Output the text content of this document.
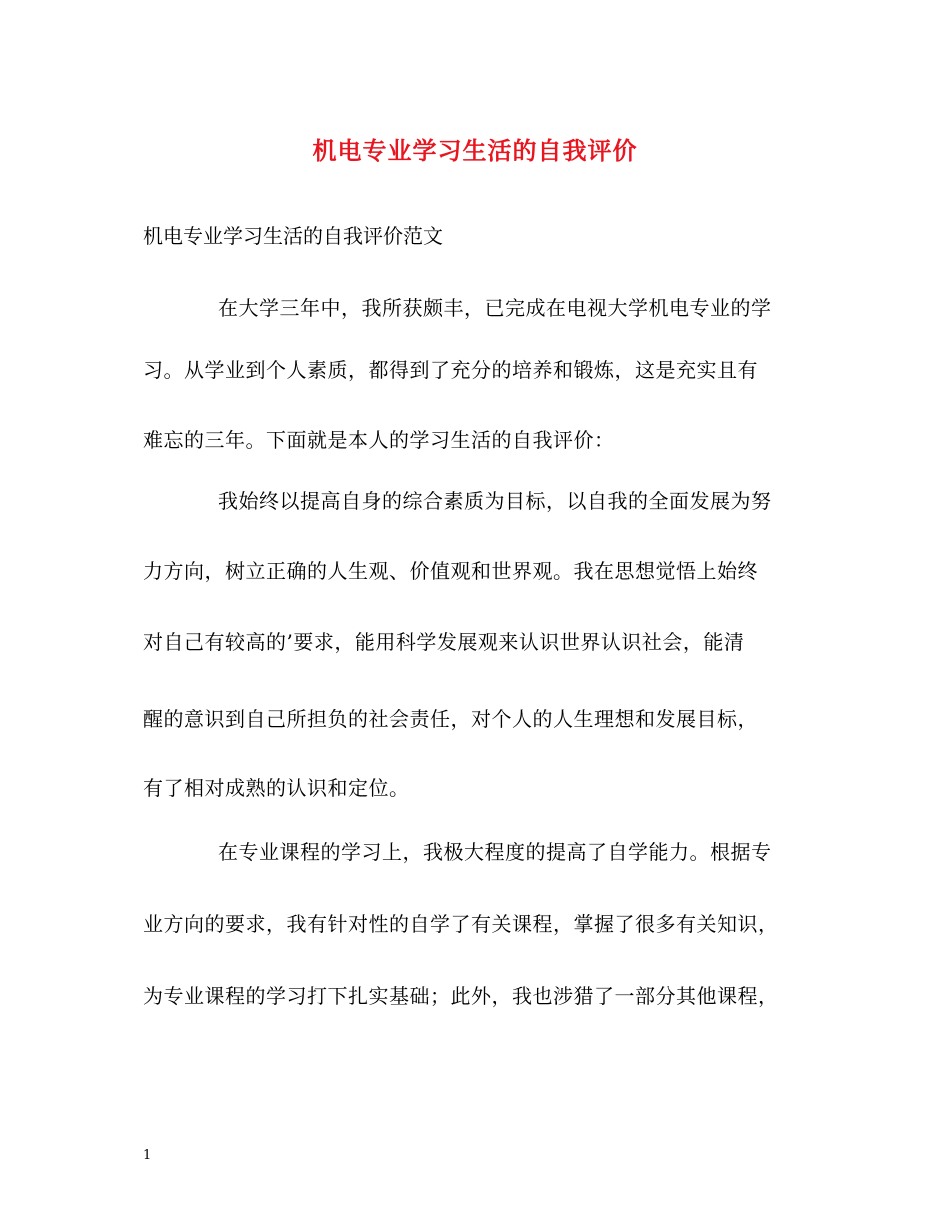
机电专业学习生活的自我评价
机电专业学习生活的自我评价范文
在大学三年中，我所获颇丰，已完成在电视大学机电专业的学
习。从学业到个人素质，都得到了充分的培养和锻炼，这是充实且有
难忘的三年。下面就是本人的学习生活的自我评价：
我始终以提高自身的综合素质为目标，以自我的全面发展为努
力方向，树立正确的人生观、价值观和世界观。我在思想觉悟上始终
对自己有较高的’要求，能用科学发展观来认识世界认识社会，能清
醒的意识到自己所担负的社会责任，对个人的人生理想和发展目标，
有了相对成熟的认识和定位。
在专业课程的学习上，我极大程度的提高了自学能力。根据专
业方向的要求，我有针对性的自学了有关课程，掌握了很多有关知识，
为专业课程的学习打下扎实基础；此外，我也涉猎了一部分其他课程，
1
